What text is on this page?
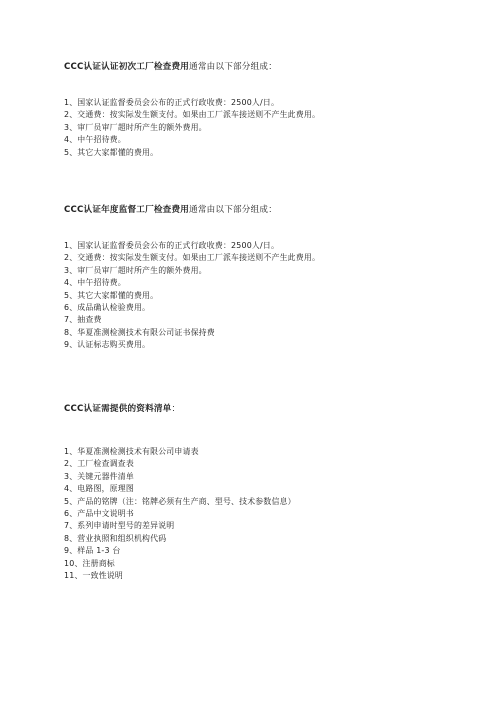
CCC认证认证初次工厂检查费用通常由以下部分组成：
1、国家认证监督委员会公布的正式行政收费：2500人/日。
2、交通费：按实际发生额支付。如果由工厂派车接送则不产生此费用。
3、审厂员审厂超时所产生的额外费用。
4、中午招待费。
5、其它大家都懂的费用。
CCC认证年度监督工厂检查费用通常由以下部分组成：
1、国家认证监督委员会公布的正式行政收费：2500人/日。
2、交通费：按实际发生额支付。如果由工厂派车接送则不产生此费用。
3、审厂员审厂超时所产生的额外费用。
4、中午招待费。
5、其它大家都懂的费用。
6、成品确认检验费用。
7、抽查费
8、华夏准测检测技术有限公司证书保持费
9、认证标志购买费用。
CCC认证需提供的资料清单：
1、华夏准测检测技术有限公司申请表
2、工厂检查调查表
3、关键元器件清单
4、电路图，原理图
5、产品的铭牌（注：铭牌必须有生产商、型号、技术参数信息）
6、产品中文说明书
7、系列申请时型号的差异说明
8、营业执照和组织机构代码
9、样品 1-3 台
10、注册商标
11、一致性说明
